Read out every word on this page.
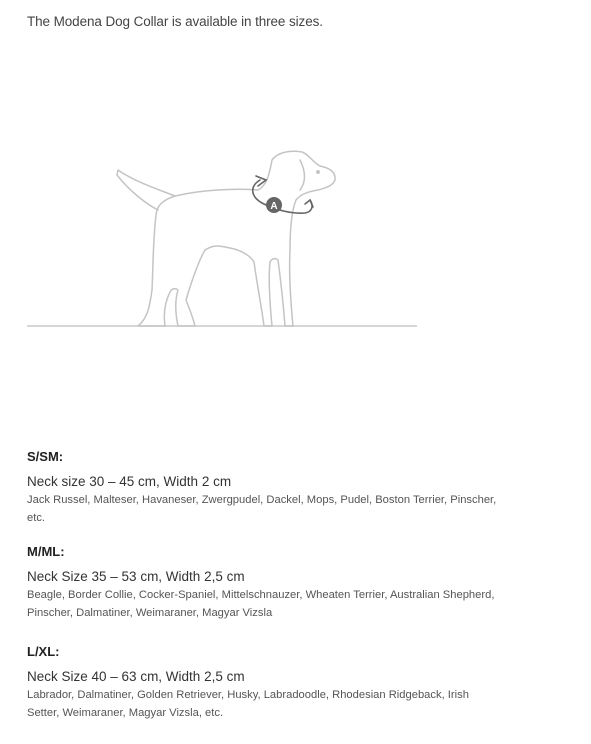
The Modena Dog Collar is available in three sizes.
A
S/SM:
Neck size 30 – 45 cm, Width 2 cm
Jack Russel, Malteser, Havaneser, Zwergpudel, Dackel, Mops, Pudel, Boston Terrier, Pinscher, etc.
M/ML:
Neck Size 35 – 53 cm, Width 2,5 cm
Beagle, Border Collie, Cocker-Spaniel, Mittelschnauzer, Wheaten Terrier, Australian Shepherd, Pinscher, Dalmatiner, Weimaraner, Magyar Vizsla
L/XL:
Neck Size 40 – 63 cm, Width 2,5 cm
Labrador, Dalmatiner, Golden Retriever, Husky, Labradoodle, Rhodesian Ridgeback, Irish Setter, Weimaraner, Magyar Vizsla, etc.
